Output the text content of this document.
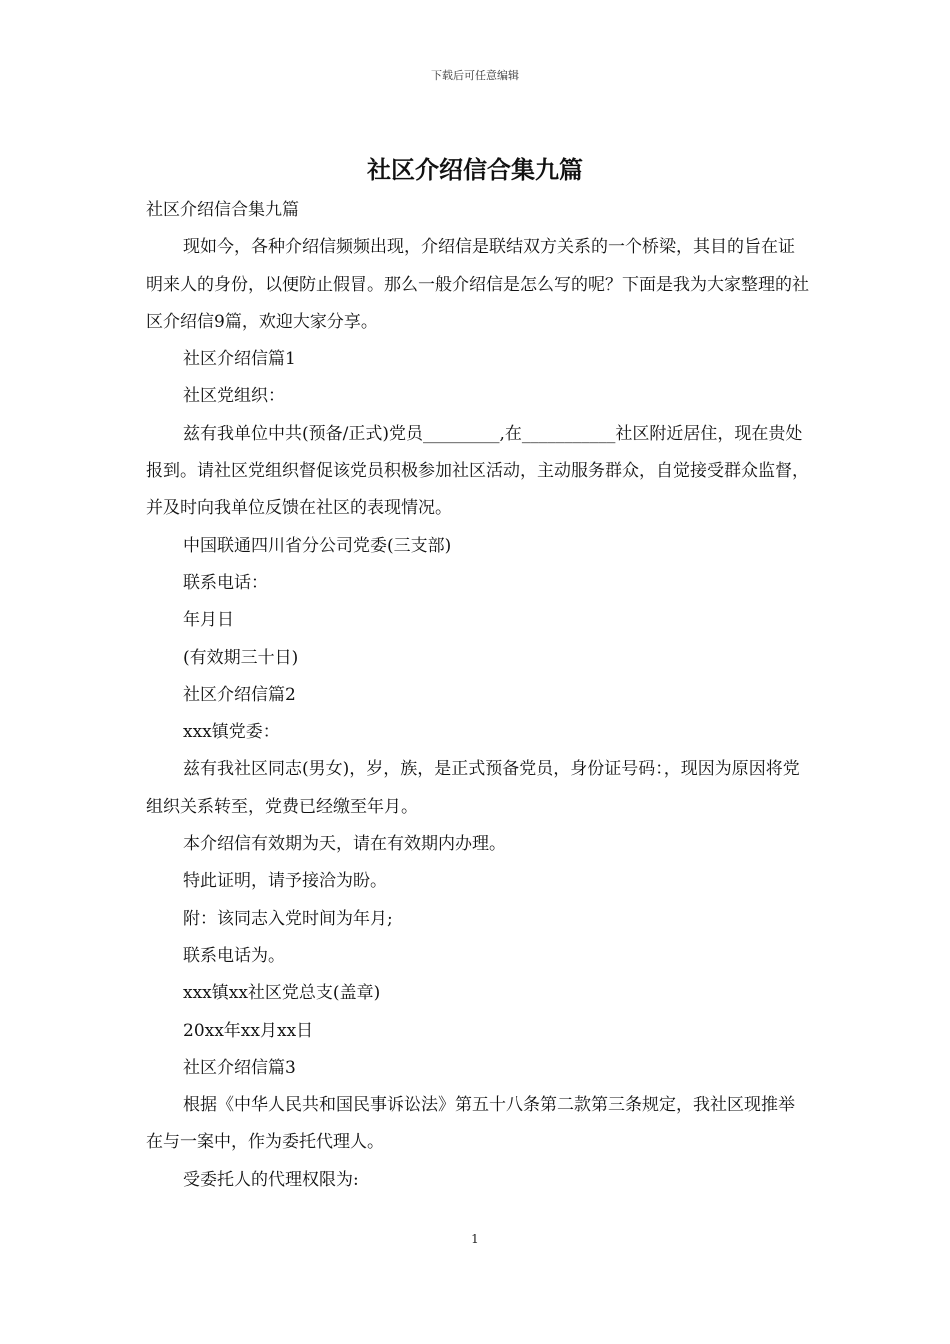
下载后可任意编辑
社区介绍信合集九篇

社区介绍信合集九篇

现如今，各种介绍信频频出现，介绍信是联结双方关系的一个桥梁，其目的旨在证明来人的身份，以便防止假冒。那么一般介绍信是怎么写的呢？下面是我为大家整理的社区介绍信9篇，欢迎大家分享。

社区介绍信篇1

社区党组织：

兹有我单位中共(预备/正式)党员_________,在___________社区附近居住，现在贵处报到。请社区党组织督促该党员积极参加社区活动，主动服务群众，自觉接受群众监督，并及时向我单位反馈在社区的表现情况。

中国联通四川省分公司党委(三支部)

联系电话：

年月日

(有效期三十日)

社区介绍信篇2

xxx镇党委：

兹有我社区同志(男女)，岁，族，是正式预备党员，身份证号码：，现因为原因将党组织关系转至，党费已经缴至年月。

本介绍信有效期为天，请在有效期内办理。

特此证明，请予接洽为盼。

附：该同志入党时间为年月;

联系电话为。

xxx镇xx社区党总支(盖章)

20xx年xx月xx日

社区介绍信篇3

根据《中华人民共和国民事诉讼法》第五十八条第二款第三条规定，我社区现推举在与一案中，作为委托代理人。

受委托人的代理权限为:

1
